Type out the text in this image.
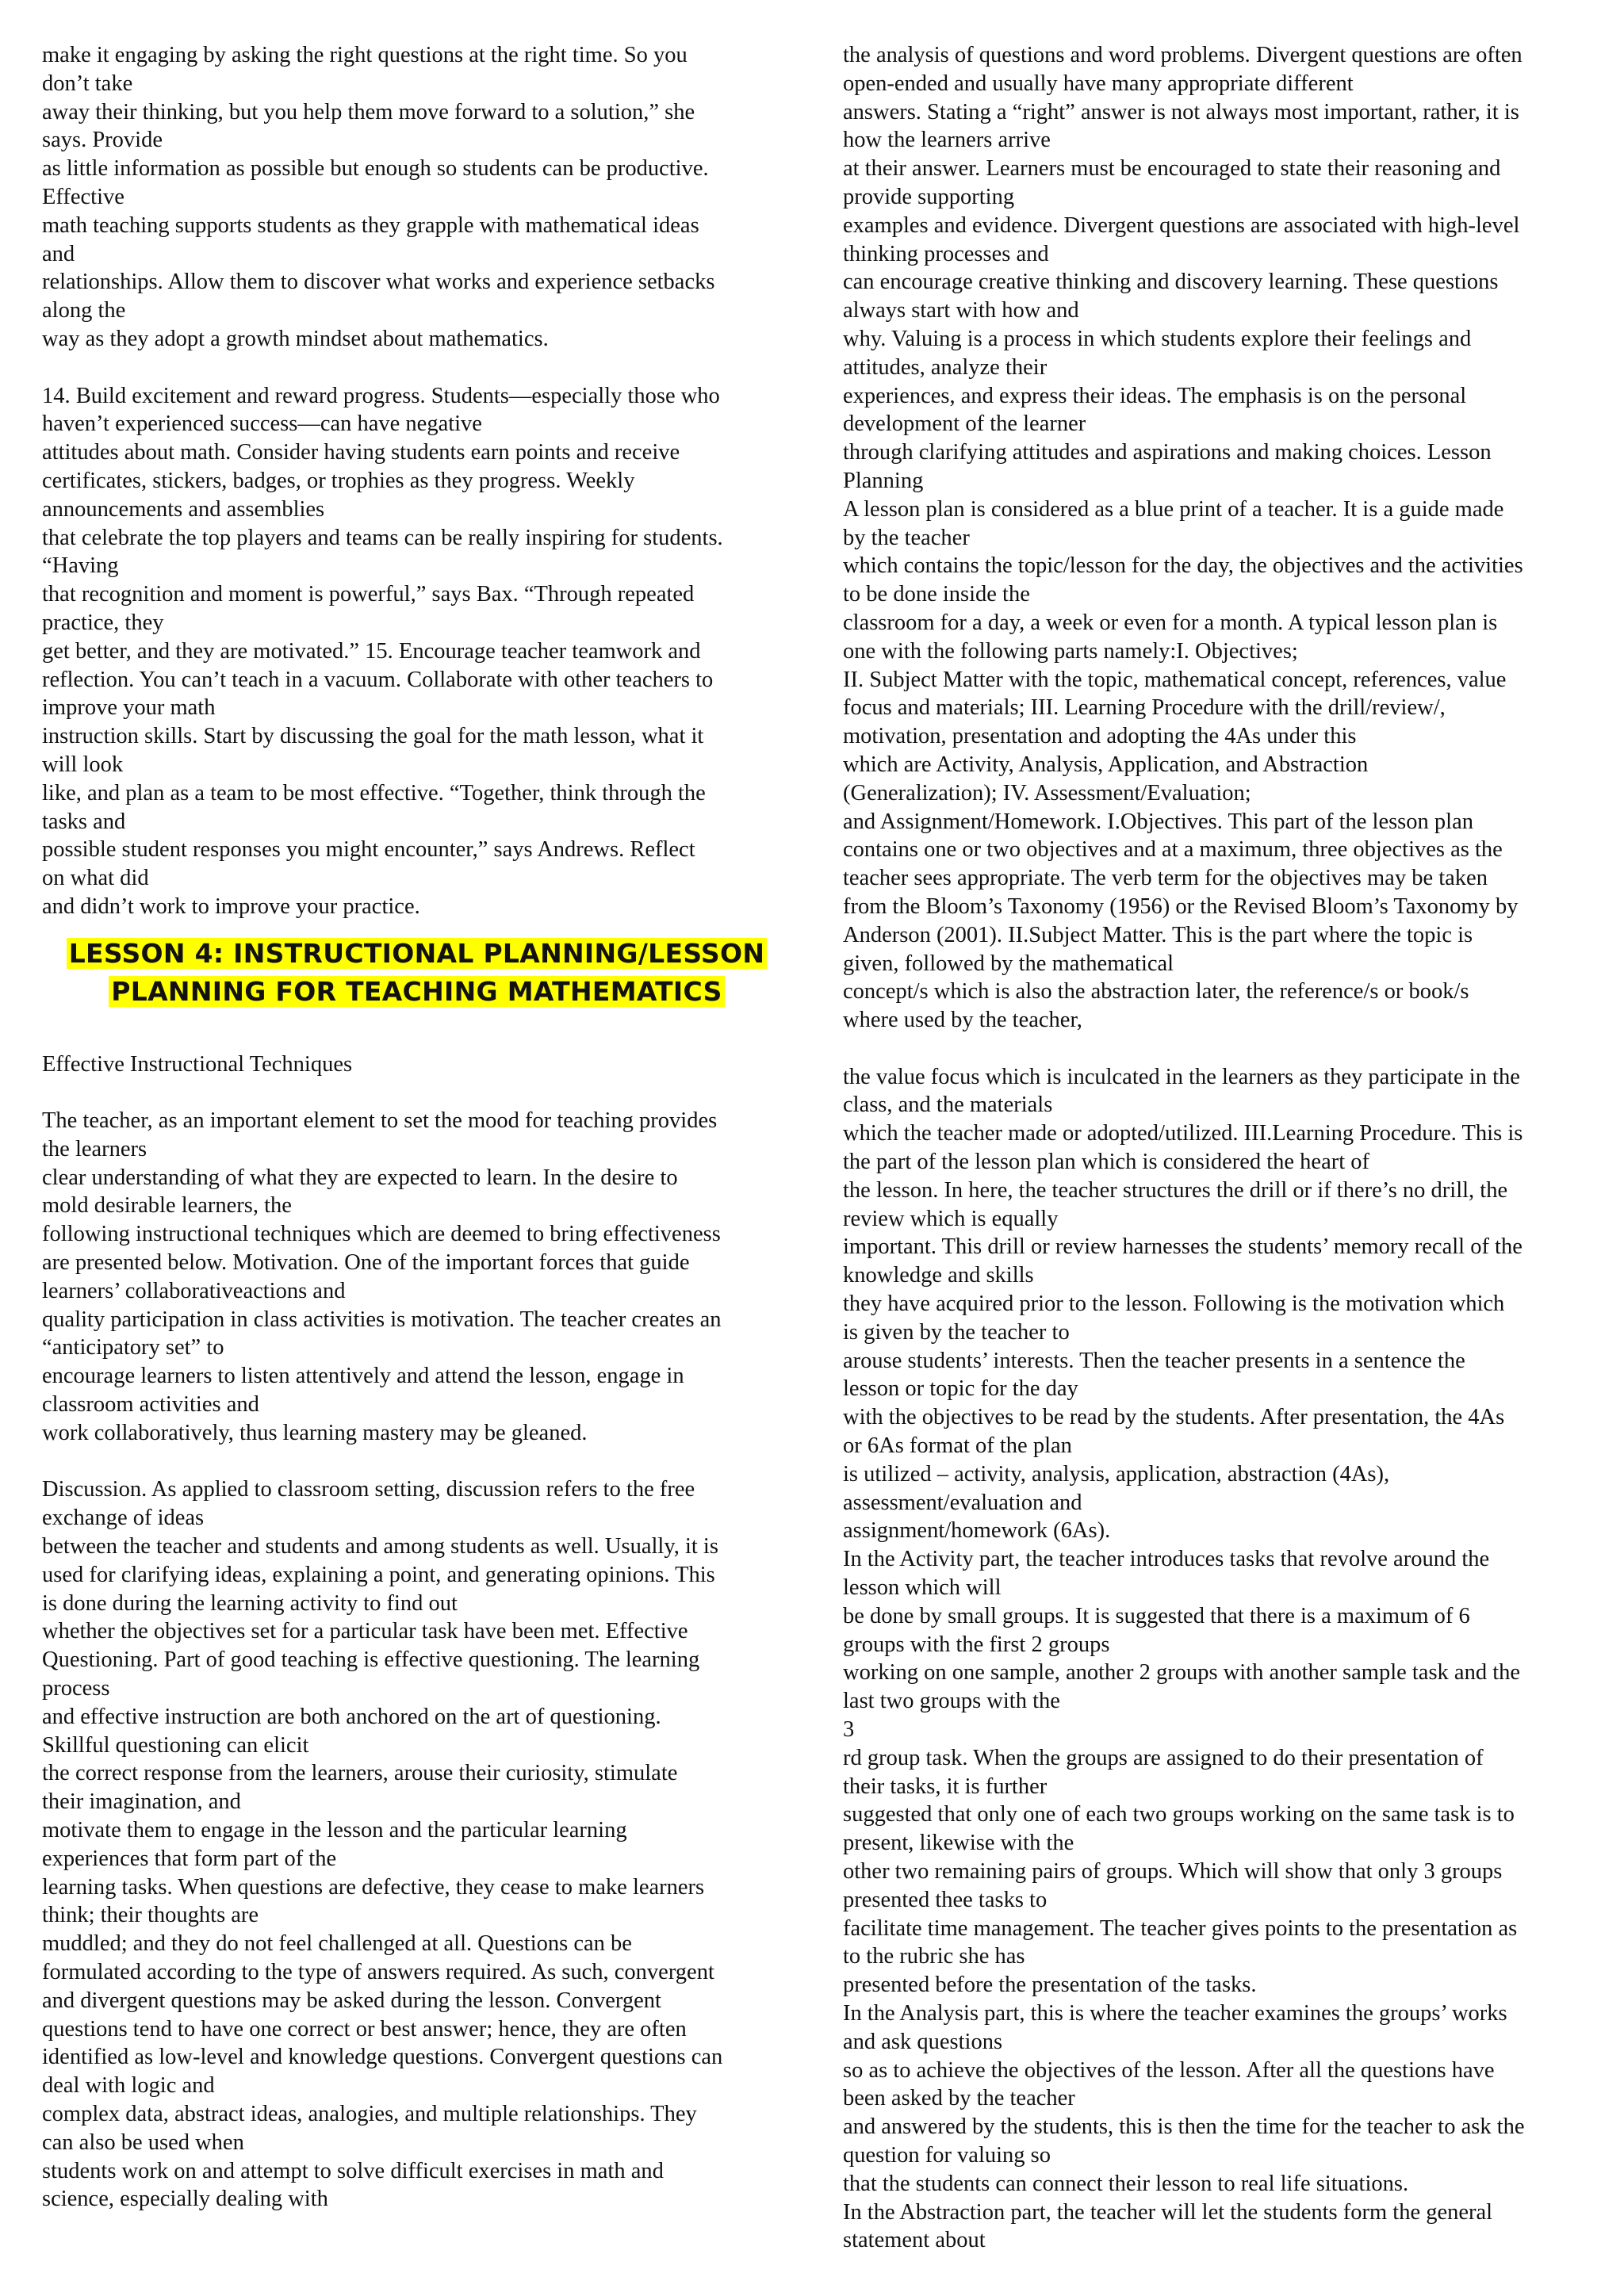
make it engaging by asking the right questions at the right time. So you
don’t take
away their thinking, but you help them move forward to a solution,” she
says. Provide
as little information as possible but enough so students can be productive.
Effective
math teaching supports students as they grapple with mathematical ideas
and
relationships. Allow them to discover what works and experience setbacks
along the
way as they adopt a growth mindset about mathematics.
14. Build excitement and reward progress. Students—especially those who
haven’t experienced success—can have negative
attitudes about math. Consider having students earn points and receive
certificates, stickers, badges, or trophies as they progress. Weekly
announcements and assemblies
that celebrate the top players and teams can be really inspiring for students.
“Having
that recognition and moment is powerful,” says Bax. “Through repeated
practice, they
get better, and they are motivated.” 15. Encourage teacher teamwork and
reflection. You can’t teach in a vacuum. Collaborate with other teachers to
improve your math
instruction skills. Start by discussing the goal for the math lesson, what it
will look
like, and plan as a team to be most effective. “Together, think through the
tasks and
possible student responses you might encounter,” says Andrews. Reflect
on what did
and didn’t work to improve your practice.
LESSON 4: INSTRUCTIONAL PLANNING/LESSON
PLANNING FOR TEACHING MATHEMATICS
Effective Instructional Techniques
The teacher, as an important element to set the mood for teaching provides
the learners
clear understanding of what they are expected to learn. In the desire to
mold desirable learners, the
following instructional techniques which are deemed to bring effectiveness
are presented below. Motivation. One of the important forces that guide
learners’ collaborativeactions and
quality participation in class activities is motivation. The teacher creates an
“anticipatory set” to
encourage learners to listen attentively and attend the lesson, engage in
classroom activities and
work collaboratively, thus learning mastery may be gleaned.
Discussion. As applied to classroom setting, discussion refers to the free
exchange of ideas
between the teacher and students and among students as well. Usually, it is
used for clarifying ideas, explaining a point, and generating opinions. This
is done during the learning activity to find out
whether the objectives set for a particular task have been met. Effective
Questioning. Part of good teaching is effective questioning. The learning
process
and effective instruction are both anchored on the art of questioning.
Skillful questioning can elicit
the correct response from the learners, arouse their curiosity, stimulate
their imagination, and
motivate them to engage in the lesson and the particular learning
experiences that form part of the
learning tasks. When questions are defective, they cease to make learners
think; their thoughts are
muddled; and they do not feel challenged at all. Questions can be
formulated according to the type of answers required. As such, convergent
and divergent questions may be asked during the lesson. Convergent
questions tend to have one correct or best answer; hence, they are often
identified as low-level and knowledge questions. Convergent questions can
deal with logic and
complex data, abstract ideas, analogies, and multiple relationships. They
can also be used when
students work on and attempt to solve difficult exercises in math and
science, especially dealing with
the analysis of questions and word problems. Divergent questions are often
open-ended and usually have many appropriate different
answers. Stating a “right” answer is not always most important, rather, it is
how the learners arrive
at their answer. Learners must be encouraged to state their reasoning and
provide supporting
examples and evidence. Divergent questions are associated with high-level
thinking processes and
can encourage creative thinking and discovery learning. These questions
always start with how and
why. Valuing is a process in which students explore their feelings and
attitudes, analyze their
experiences, and express their ideas. The emphasis is on the personal
development of the learner
through clarifying attitudes and aspirations and making choices. Lesson
Planning
A lesson plan is considered as a blue print of a teacher. It is a guide made
by the teacher
which contains the topic/lesson for the day, the objectives and the activities
to be done inside the
classroom for a day, a week or even for a month. A typical lesson plan is
one with the following parts namely:I. Objectives;
II. Subject Matter with the topic, mathematical concept, references, value
focus and materials; III. Learning Procedure with the drill/review/,
motivation, presentation and adopting the 4As under this
which are Activity, Analysis, Application, and Abstraction
(Generalization); IV. Assessment/Evaluation;
and Assignment/Homework. I.Objectives. This part of the lesson plan
contains one or two objectives and at a maximum, three objectives as the
teacher sees appropriate. The verb term for the objectives may be taken
from the Bloom’s Taxonomy (1956) or the Revised Bloom’s Taxonomy by
Anderson (2001). II.Subject Matter. This is the part where the topic is
given, followed by the mathematical
concept/s which is also the abstraction later, the reference/s or book/s
where used by the teacher,
the value focus which is inculcated in the learners as they participate in the
class, and the materials
which the teacher made or adopted/utilized. III.Learning Procedure. This is
the part of the lesson plan which is considered the heart of
the lesson. In here, the teacher structures the drill or if there’s no drill, the
review which is equally
important. This drill or review harnesses the students’ memory recall of the
knowledge and skills
they have acquired prior to the lesson. Following is the motivation which
is given by the teacher to
arouse students’ interests. Then the teacher presents in a sentence the
lesson or topic for the day
with the objectives to be read by the students. After presentation, the 4As
or 6As format of the plan
is utilized – activity, analysis, application, abstraction (4As),
assessment/evaluation and
assignment/homework (6As).
In the Activity part, the teacher introduces tasks that revolve around the
lesson which will
be done by small groups. It is suggested that there is a maximum of 6
groups with the first 2 groups
working on one sample, another 2 groups with another sample task and the
last two groups with the
3
rd group task. When the groups are assigned to do their presentation of
their tasks, it is further
suggested that only one of each two groups working on the same task is to
present, likewise with the
other two remaining pairs of groups. Which will show that only 3 groups
presented thee tasks to
facilitate time management. The teacher gives points to the presentation as
to the rubric she has
presented before the presentation of the tasks.
In the Analysis part, this is where the teacher examines the groups’ works
and ask questions
so as to achieve the objectives of the lesson. After all the questions have
been asked by the teacher
and answered by the students, this is then the time for the teacher to ask the
question for valuing so
that the students can connect their lesson to real life situations.
In the Abstraction part, the teacher will let the students form the general
statement about
